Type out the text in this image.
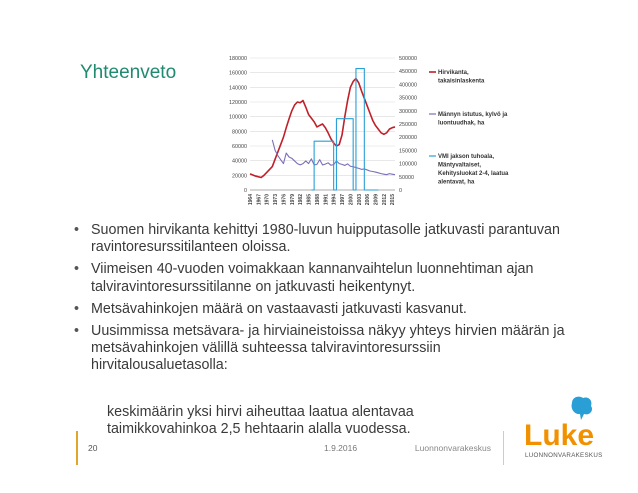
Yhteenveto
0
20000
40000
60000
80000
100000
120000
140000
160000
180000
0
50000
100000
150000
200000
250000
300000
350000
400000
450000
500000
1964 1967 1970 1973 1976 1979 1982 1985 1988 1991 1994 1997 2000 2003 2006 2009 2012 2015
Hirvikanta, takaisinlaskenta
Männyn istutus, kylvö ja luontuudhak, ha
VMI jakson tuhoala, Mäntyvaltaiset, Kehitysluokat 2-4, laatua alentavat, ha
• Suomen hirvikanta kehittyi 1980-luvun huipputasolle jatkuvasti parantuvan ravintoresurssitilanteen oloissa.
• Viimeisen 40-vuoden voimakkaan kannanvaihtelun luonnehtiman ajan talviravintoresurssitilanne on jatkuvasti heikentynyt.
• Metsävahinkojen määrä on vastaavasti jatkuvasti kasvanut.
• Uusimmissa metsävara- ja hirviaineistoissa näkyy yhteys hirvien määrän ja metsävahinkojen välillä suhteessa talviravintoresurssiin hirvitalousaluetasolla:
keskimäärin yksi hirvi aiheuttaa laatua alentavaa taimikkovahinkoa 2,5 hehtaarin alalla vuodessa.
20	1.9.2016	Luonnonvarakeskus Luke
LUONNONVARAKESKUS
